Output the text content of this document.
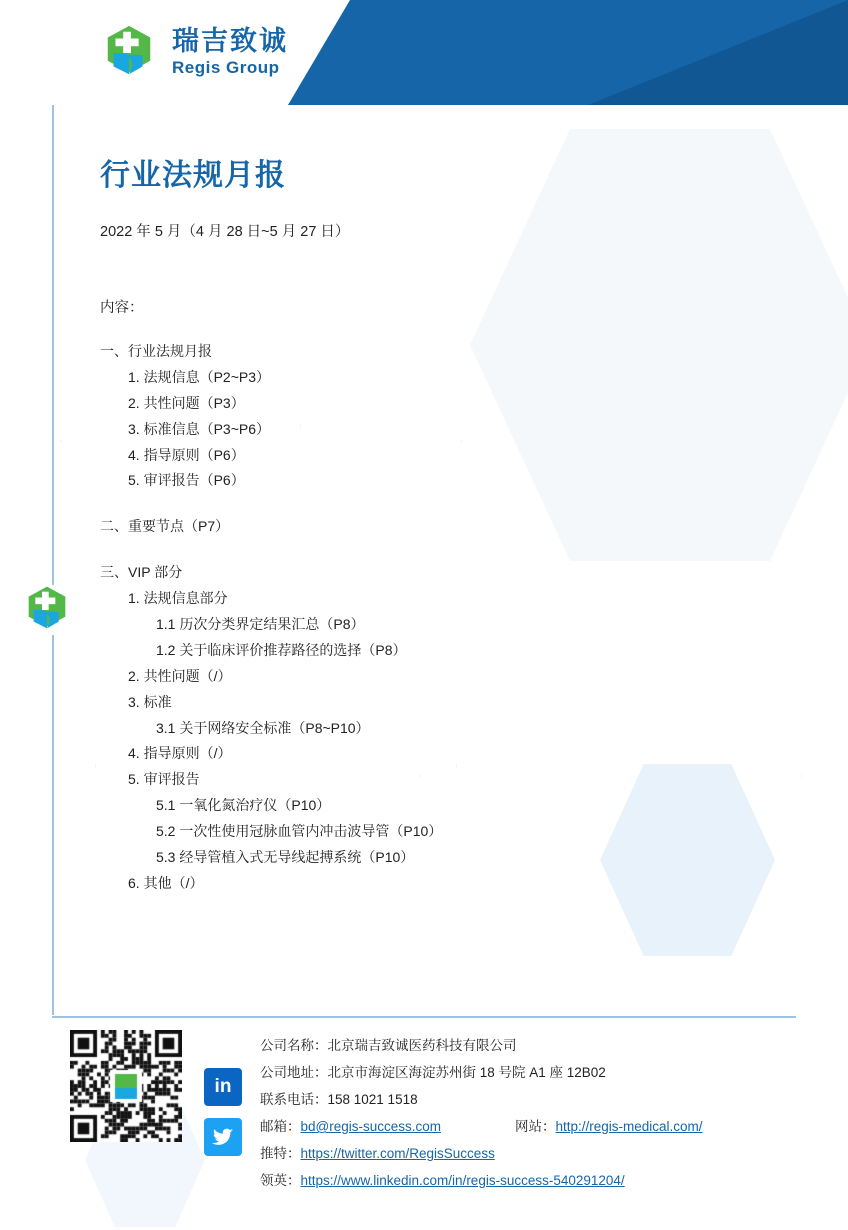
瑞吉致诚
Regis Group
行业法规月报
2022 年 5 月（4 月 28 日~5 月 27 日）
内容：
一、行业法规月报
1. 法规信息（P2~P3）
2. 共性问题（P3）
3. 标准信息（P3~P6）
4. 指导原则（P6）
5. 审评报告（P6）
二、重要节点（P7）
三、VIP 部分
1. 法规信息部分
1.1 历次分类界定结果汇总（P8）
1.2 关于临床评价推荐路径的选择（P8）
2. 共性问题（/）
3. 标准
3.1 关于网络安全标准（P8~P10）
4. 指导原则（/）
5. 审评报告
5.1 一氧化氮治疗仪（P10）
5.2 一次性使用冠脉血管内冲击波导管（P10）
5.3 经导管植入式无导线起搏系统（P10）
6. 其他（/）
in
公司名称： 北京瑞吉致诚医药科技有限公司
公司地址： 北京市海淀区海淀苏州街 18 号院 A1 座 12B02
联系电话： 158 1021 1518
邮箱： bd@regis-success.com	网站： http://regis-medical.com/
推特： https://twitter.com/RegisSuccess
领英： https://www.linkedin.com/in/regis-success-540291204/
